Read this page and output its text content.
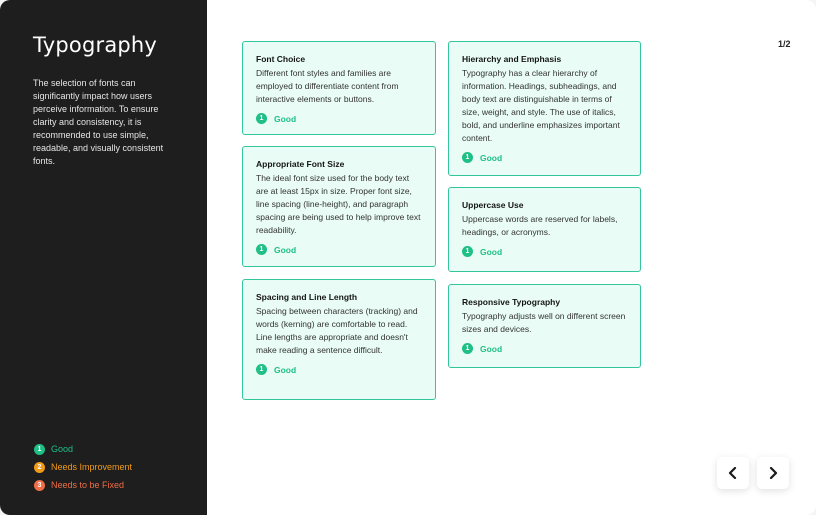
Typography

The selection of fonts can significantly impact how users perceive information. To ensure clarity and consistency, it is recommended to use simple, readable, and visually consistent fonts.

1	Good
2	Needs Improvement
3	Needs to be Fixed
1/2
Font Choice

Different font styles and families are employed to differentiate content from interactive elements or buttons.

1	Good
Appropriate Font Size

The ideal font size used for the body text are at least 15px in size. Proper font size, line spacing (line-height), and paragraph spacing are being used to help improve text readability.

1	Good
Spacing and Line Length

Spacing between characters (tracking) and words (kerning) are comfortable to read. Line lengths are appropriate and doesn't make reading a sentence difficult.

1	Good
Hierarchy and Emphasis

Typography has a clear hierarchy of information. Headings, subheadings, and body text are distinguishable in terms of size, weight, and style. The use of italics, bold, and underline emphasizes important content.

1	Good
Uppercase Use

Uppercase words are reserved for labels, headings, or acronyms.

1	Good
Responsive Typography

Typography adjusts well on different screen sizes and devices.

1	Good
